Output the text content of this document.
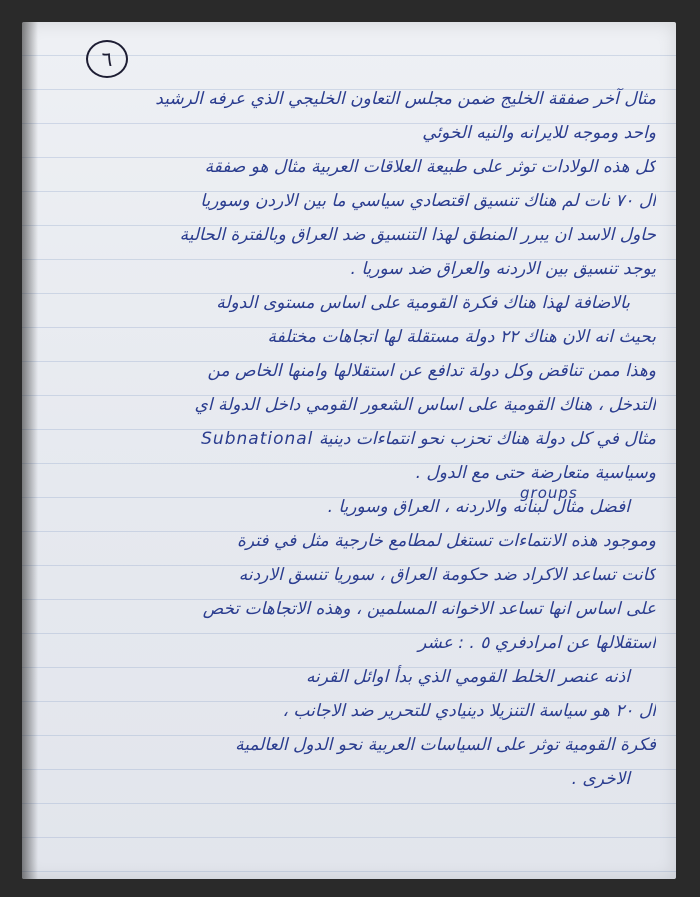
٦
مثال آخر صفقة الخليج ضمن مجلس التعاون الخليجي الذي عرفه الرشيد
واحد وموجه للايرانه والنيه الخوئي
كل هذه الولادات توثر على طبيعة العلاقات العربية مثال هو صفقة
ال ٧٠ نات لم هناك تنسيق اقتصادي سياسي ما بين الاردن وسوريا
حاول الاسد ان يبرر المنطق لهذا التنسيق ضد العراق وبالفترة الحالية
يوجد تنسيق بين الاردنه والعراق ضد سوريا .
بالاضافة لهذا هناك فكرة القومية على اساس مستوى الدولة
بحيث انه الان هناك ٢٢ دولة مستقلة لها اتجاهات مختلفة
وهذا ممن تناقض وكل دولة تدافع عن استقلالها وامنها الخاص من
التدخل ، هناك القومية على اساس الشعور القومي داخل الدولة اي
مثال في كل دولة هناك تحزب نحو انتماءات دينية Subnational
وسياسية متعارضة حتى مع الدول .
افضل مثال لبنانه والاردنه ، العراق وسوريا .
وموجود هذه الانتماءات تستغل لمطامع خارجية مثل في فترة
كانت تساعد الاكراد ضد حكومة العراق ، سوريا تنسق الاردنه
على اساس انها تساعد الاخوانه المسلمين ، وهذه الاتجاهات تخص
استقلالها عن امرادفري ٥ . : عشر
اذنه عنصر الخلط القومي الذي بدأ اوائل القرنه
ال ٢٠ هو سياسة التنزيلا دينيادي للتحرير ضد الاجانب ،
فكرة القومية توثر على السياسات العربية نحو الدول العالمية
الاخرى .
groups
